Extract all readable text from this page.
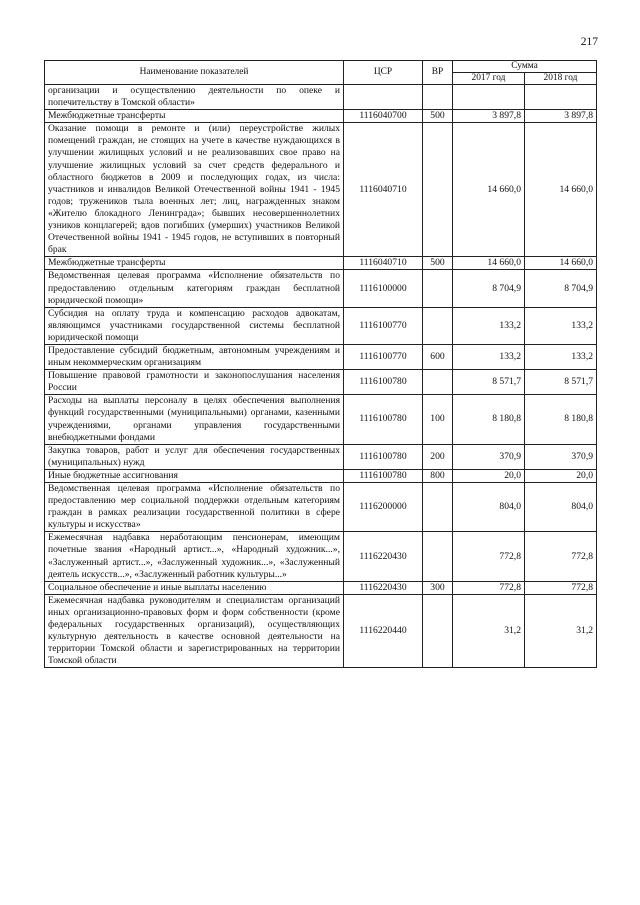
217
Наименование показателей	ЦСР	ВР	Сумма	
			2017 год	2018 год
организации и осуществлению деятельности по опеке и попечительству в Томской области»				
Межбюджетные трансферты	1116040700	500	3 897,8	3 897,8
Оказание помощи в ремонте и (или) переустройстве жилых помещений граждан, не стоящих на учете в качестве нуждающихся в улучшении жилищных условий и не реализовавших свое право на улучшение жилищных условий за счет средств федерального и областного бюджетов в 2009 и последующих годах, из числа: участников и инвалидов Великой Отечественной войны 1941 - 1945 годов; тружеников тыла военных лет; лиц, награжденных знаком «Жителю блокадного Ленинграда»; бывших несовершеннолетних узников концлагерей; вдов погибших (умерших) участников Великой Отечественной войны 1941 - 1945 годов, не вступивших в повторный брак	1116040710		14 660,0	14 660,0
Межбюджетные трансферты	1116040710	500	14 660,0	14 660,0
Ведомственная целевая программа «Исполнение обязательств по предоставлению отдельным категориям граждан бесплатной юридической помощи»	1116100000		8 704,9	8 704,9
Субсидия на оплату труда и компенсацию расходов адвокатам, являющимся участниками государственной системы бесплатной юридической помощи	1116100770		133,2	133,2
Предоставление субсидий бюджетным, автономным учреждениям и иным некоммерческим организациям	1116100770	600	133,2	133,2
Повышение правовой грамотности и законопослушания населения России	1116100780		8 571,7	8 571,7
Расходы на выплаты персоналу в целях обеспечения выполнения функций государственными (муниципальными) органами, казенными учреждениями, органами управления государственными внебюджетными фондами	1116100780	100	8 180,8	8 180,8
Закупка товаров, работ и услуг для обеспечения государственных (муниципальных) нужд	1116100780	200	370,9	370,9
Иные бюджетные ассигнования	1116100780	800	20,0	20,0
Ведомственная целевая программа «Исполнение обязательств по предоставлению мер социальной поддержки отдельным категориям граждан в рамках реализации государственной политики в сфере культуры и искусства»	1116200000		804,0	804,0
Ежемесячная надбавка неработающим пенсионерам, имеющим почетные звания «Народный артист...», «Народный художник...», «Заслуженный артист...», «Заслуженный художник...», «Заслуженный деятель искусств...», «Заслуженный работник культуры...»	1116220430		772,8	772,8
Социальное обеспечение и иные выплаты населению	1116220430	300	772,8	772,8
Ежемесячная надбавка руководителям и специалистам организаций иных организационно-правовых форм и форм собственности (кроме федеральных государственных организаций), осуществляющих культурную деятельность в качестве основной деятельности на территории Томской области и зарегистрированных на территории Томской области	1116220440		31,2	31,2
